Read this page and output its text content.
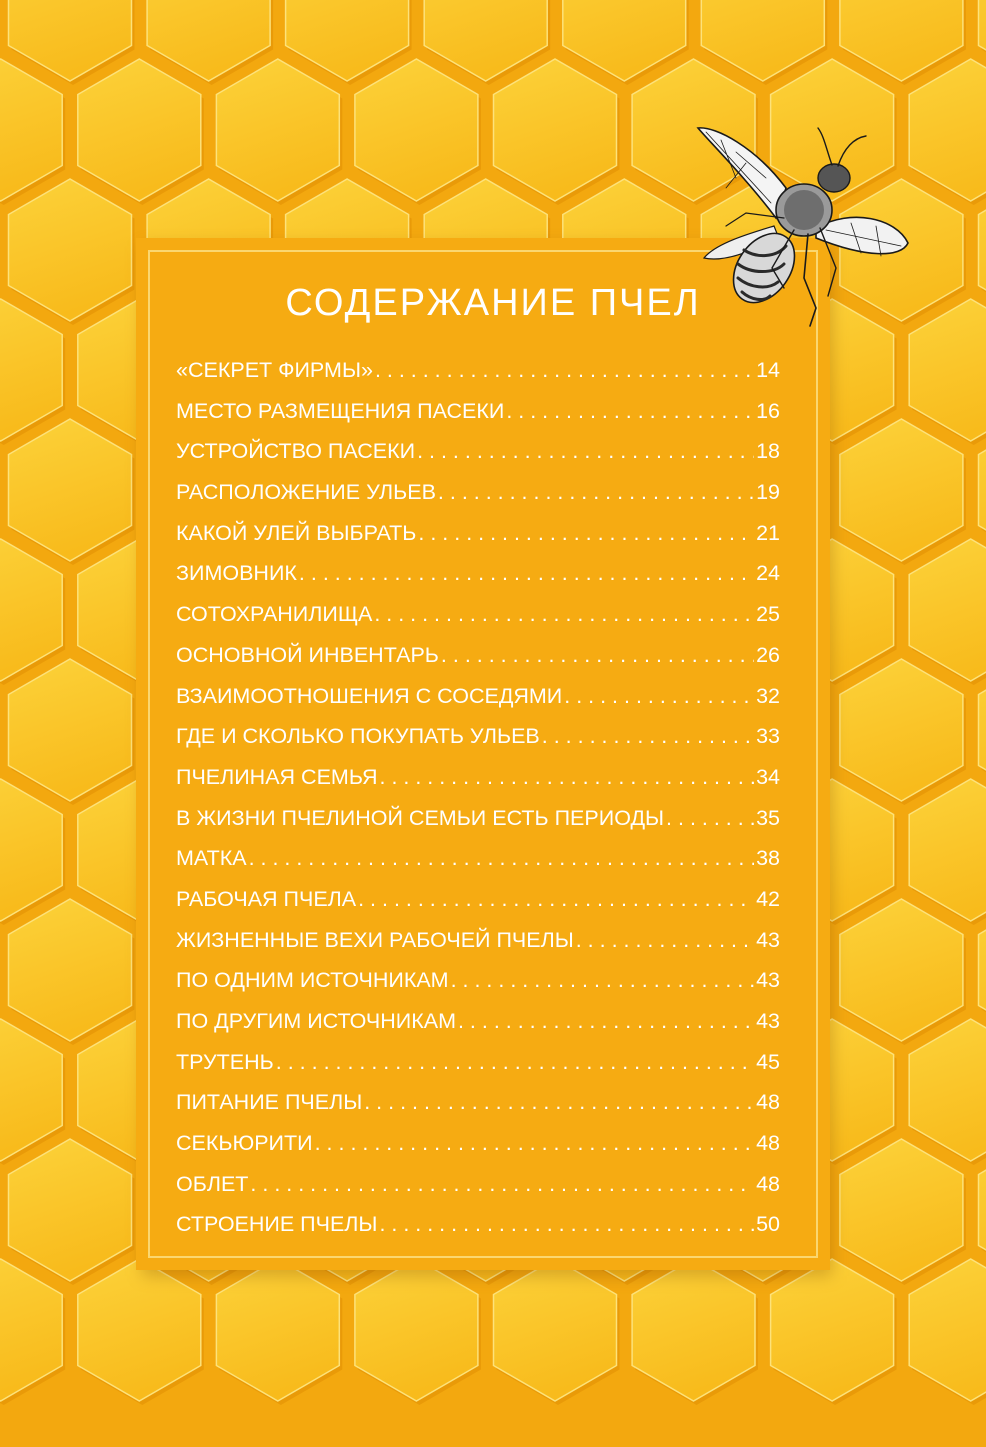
СОДЕРЖАНИЕ ПЧЕЛ
«СЕКРЕТ ФИРМЫ» . . .	14
МЕСТО РАЗМЕЩЕНИЯ ПАСЕКИ . . .	16
УСТРОЙСТВО ПАСЕКИ . . .	18
РАСПОЛОЖЕНИЕ УЛЬЕВ . . .	19
КАКОЙ УЛЕЙ ВЫБРАТЬ . . .	21
ЗИМОВНИК . . .	24
СОТОХРАНИЛИЩА . . .	25
ОСНОВНОЙ ИНВЕНТАРЬ . . .	26
ВЗАИМООТНОШЕНИЯ С СОСЕДЯМИ . . .	32
ГДЕ И СКОЛЬКО ПОКУПАТЬ УЛЬЕВ . . .	33
ПЧЕЛИНАЯ СЕМЬЯ . . .	34
В ЖИЗНИ ПЧЕЛИНОЙ СЕМЬИ ЕСТЬ ПЕРИОДЫ . . .	35
МАТКА . . .	38
РАБОЧАЯ ПЧЕЛА . . .	42
ЖИЗНЕННЫЕ ВЕХИ РАБОЧЕЙ ПЧЕЛЫ . . .	43
ПО ОДНИМ ИСТОЧНИКАМ . . .	43
ПО ДРУГИМ ИСТОЧНИКАМ . . .	43
ТРУТЕНЬ . . .	45
ПИТАНИЕ ПЧЕЛЫ . . .	48
СЕКЬЮРИТИ . . .	48
ОБЛЕТ . . .	48
СТРОЕНИЕ ПЧЕЛЫ . . .	50
